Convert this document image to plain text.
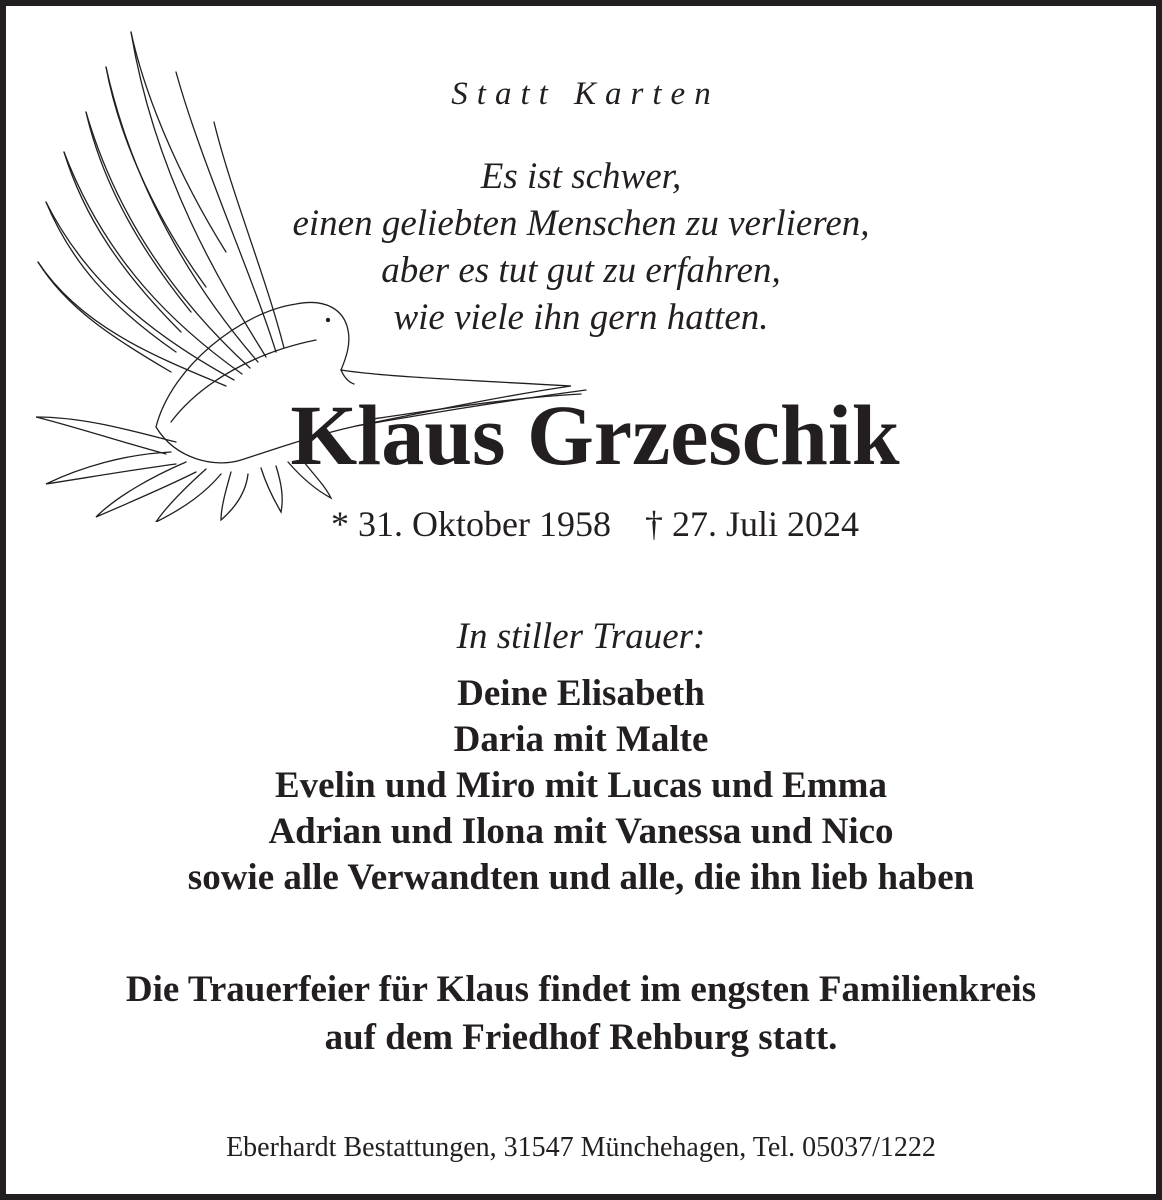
Statt Karten
Es ist schwer,
einen geliebten Menschen zu verlieren,
aber es tut gut zu erfahren,
wie viele ihn gern hatten.
Klaus Grzeschik
* 31. Oktober 1958 † 27. Juli 2024
In stiller Trauer:
Deine Elisabeth
Daria mit Malte
Evelin und Miro mit Lucas und Emma
Adrian und Ilona mit Vanessa und Nico
sowie alle Verwandten und alle, die ihn lieb haben
Die Trauerfeier für Klaus findet im engsten Familienkreis
auf dem Friedhof Rehburg statt.
Eberhardt Bestattungen, 31547 Münchehagen, Tel. 05037/1222
